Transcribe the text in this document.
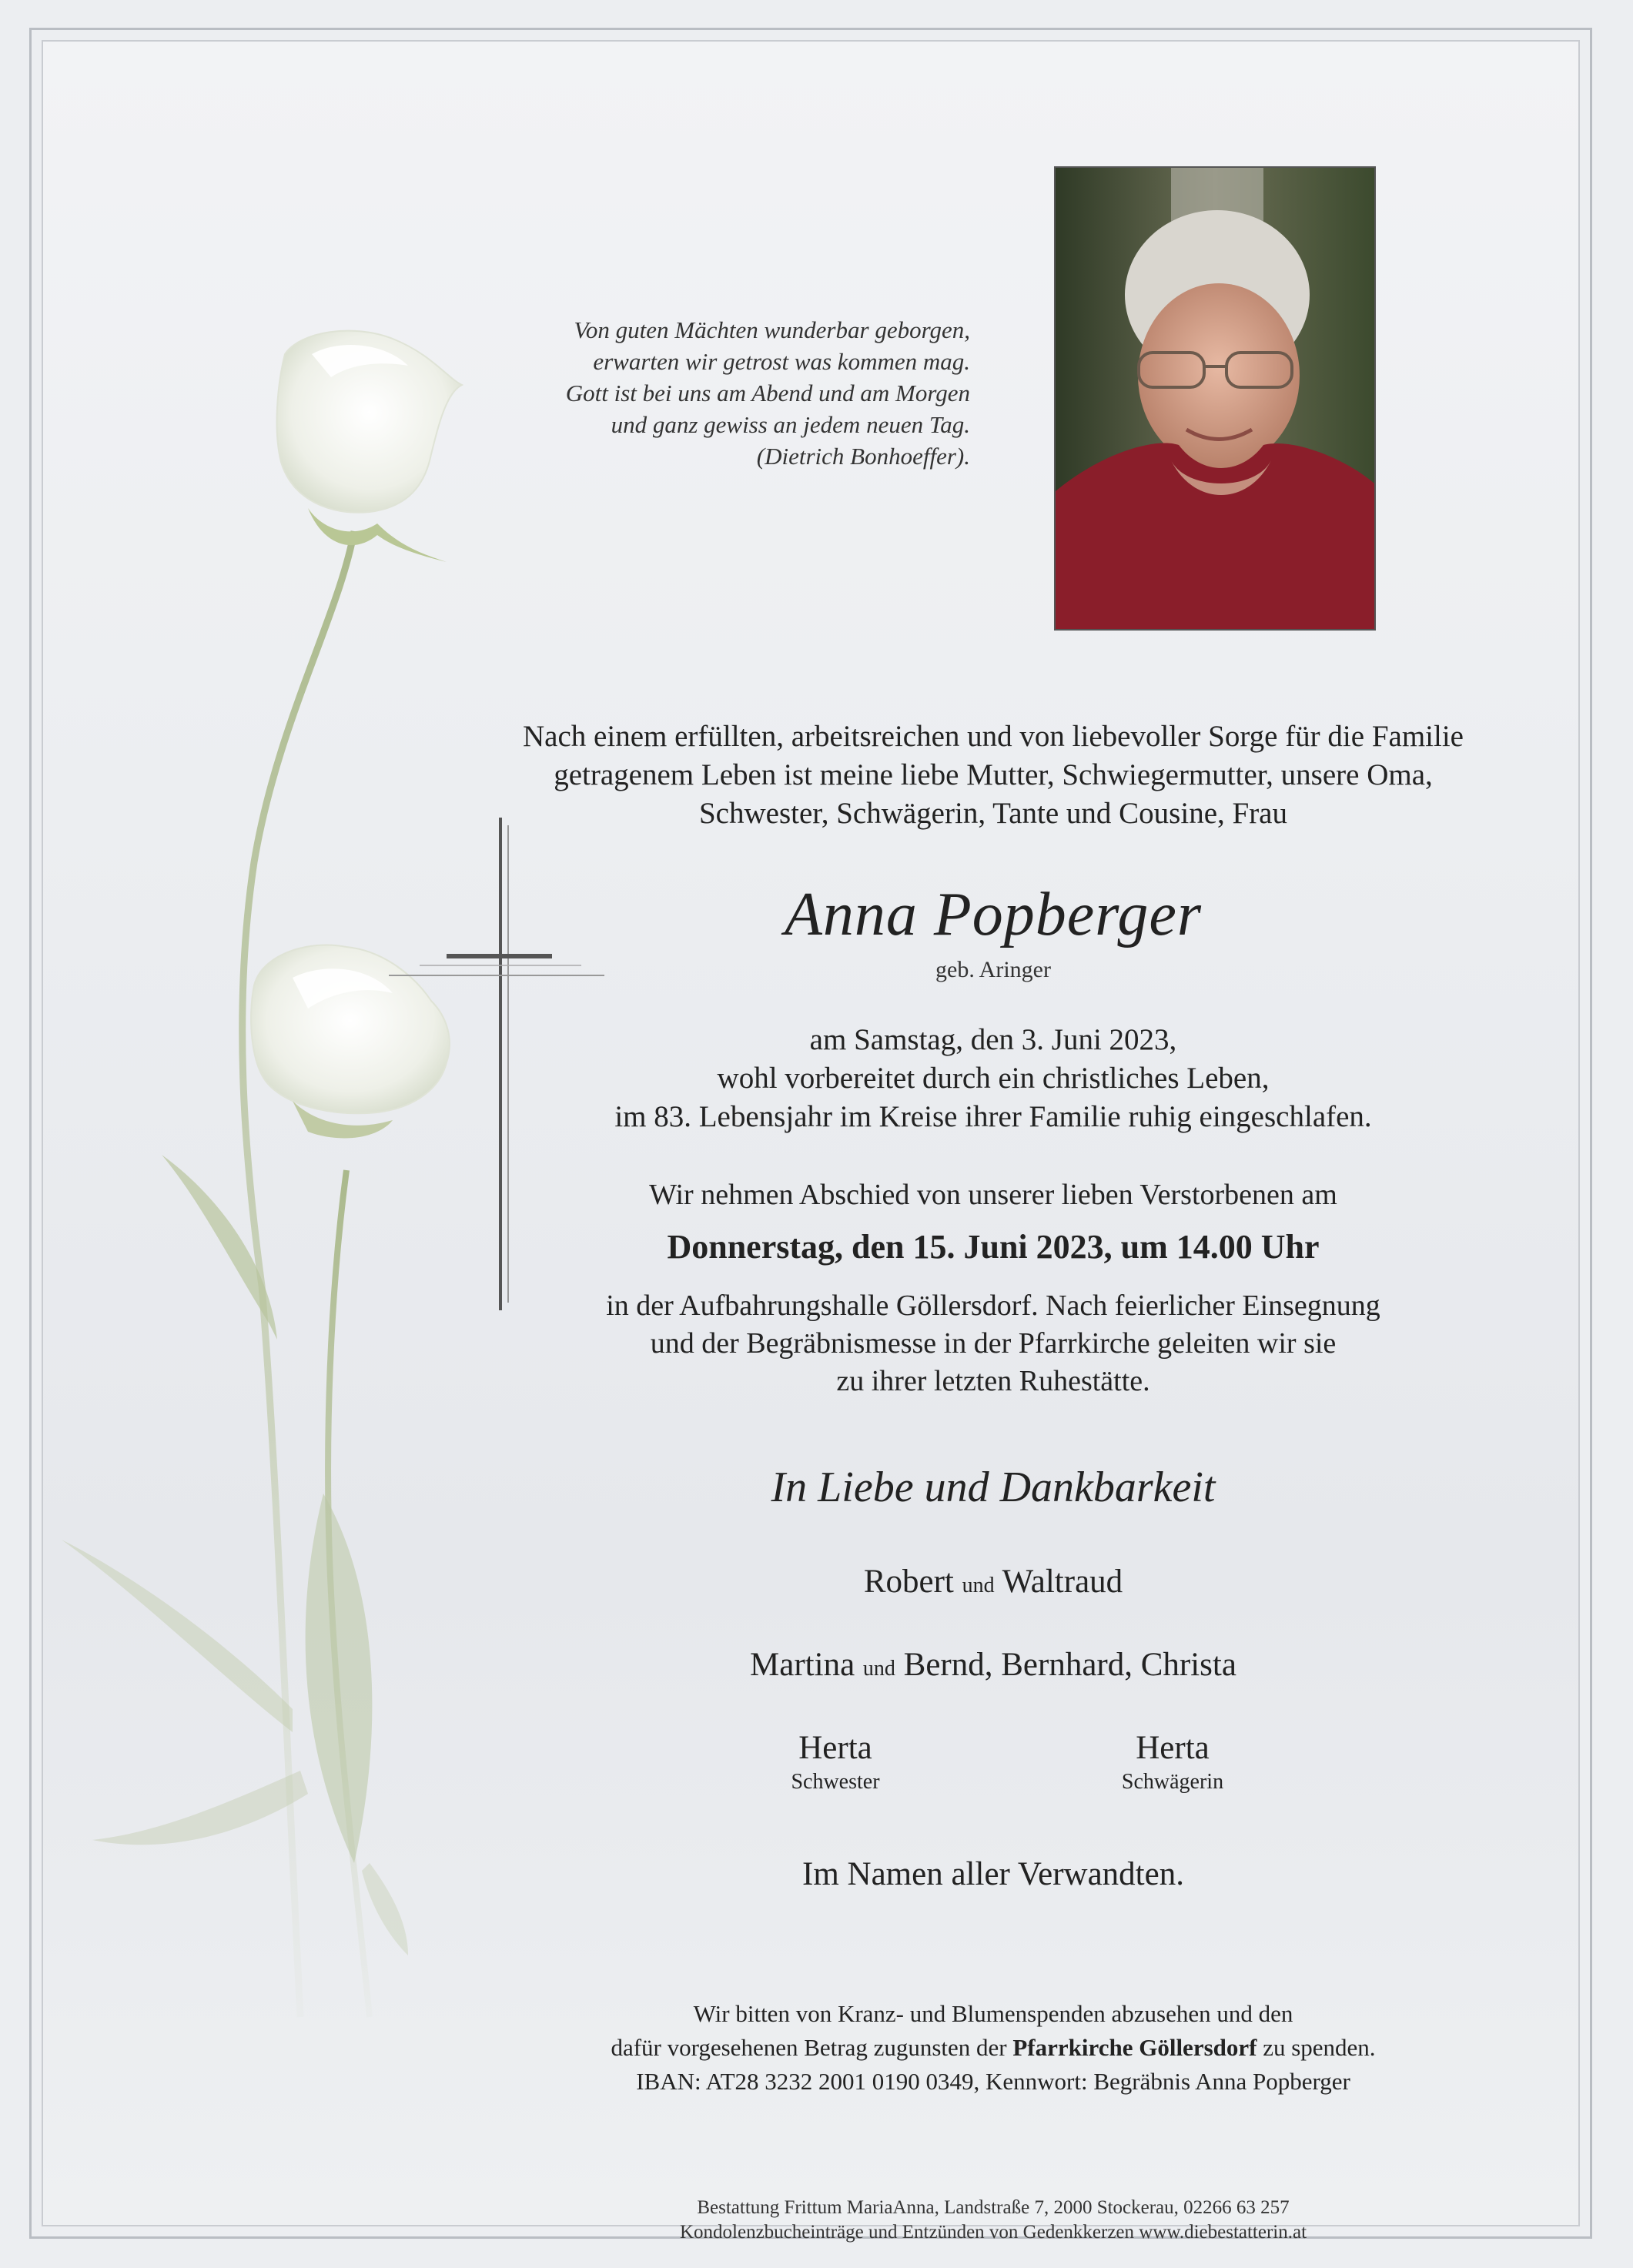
Von guten Mächten wunderbar geborgen,
erwarten wir getrost was kommen mag.
Gott ist bei uns am Abend und am Morgen
und ganz gewiss an jedem neuen Tag.
(Dietrich Bonhoeffer).
Nach einem erfüllten, arbeitsreichen und von liebevoller Sorge für die Familie
getragenem Leben ist meine liebe Mutter, Schwiegermutter, unsere Oma,
Schwester, Schwägerin, Tante und Cousine, Frau
Anna Popberger
geb. Aringer
am Samstag, den 3. Juni 2023,
wohl vorbereitet durch ein christliches Leben,
im 83. Lebensjahr im Kreise ihrer Familie ruhig eingeschlafen.
Wir nehmen Abschied von unserer lieben Verstorbenen am
Donnerstag, den 15. Juni 2023, um 14.00 Uhr
in der Aufbahrungshalle Göllersdorf. Nach feierlicher Einsegnung
und der Begräbnismesse in der Pfarrkirche geleiten wir sie
zu ihrer letzten Ruhestätte.
In Liebe und Dankbarkeit
Robert und Waltraud
Martina und Bernd, Bernhard, Christa
Herta
Schwester
Herta
Schwägerin
Im Namen aller Verwandten.
Wir bitten von Kranz- und Blumenspenden abzusehen und den
dafür vorgesehenen Betrag zugunsten der Pfarrkirche Göllersdorf zu spenden.
IBAN: AT28 3232 2001 0190 0349, Kennwort: Begräbnis Anna Popberger
Bestattung Frittum MariaAnna, Landstraße 7, 2000 Stockerau, 02266 63 257
Kondolenzbucheinträge und Entzünden von Gedenkkerzen www.diebestatterin.at
